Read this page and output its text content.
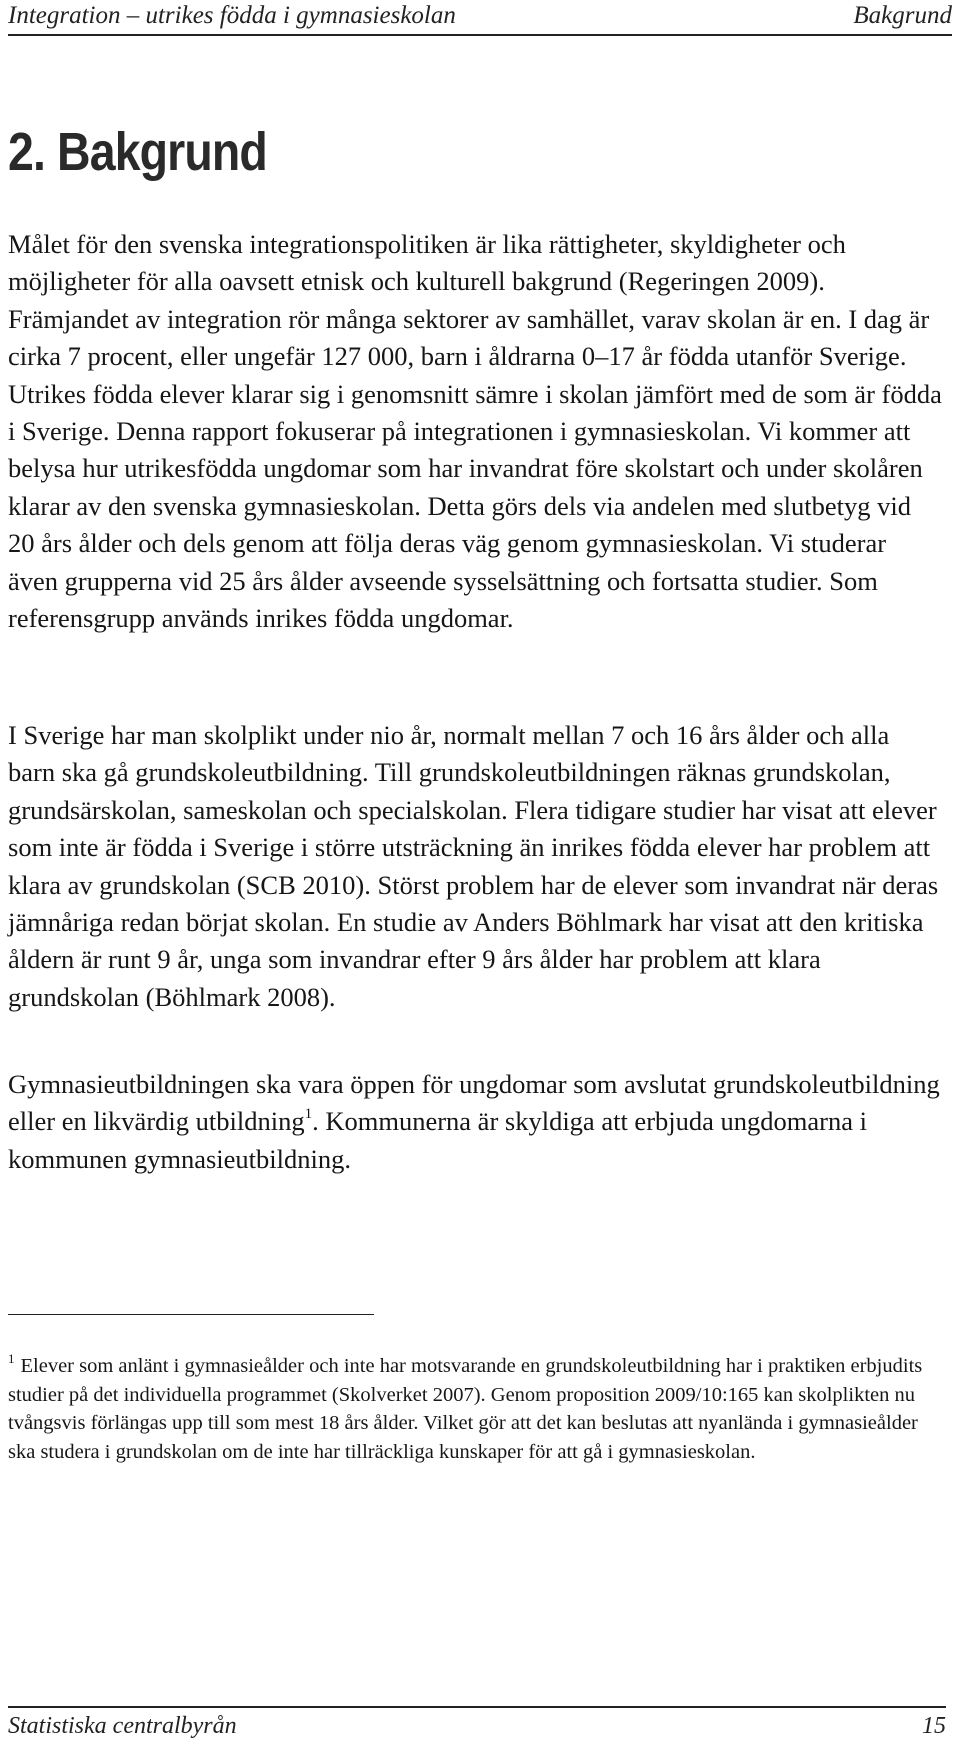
Integration – utrikes födda i gymnasieskolan	Bakgrund
2. Bakgrund

Målet för den svenska integrationspolitiken är lika rättigheter, skyldigheter och möjligheter för alla oavsett etnisk och kulturell bakgrund (Regeringen 2009). Främjandet av integration rör många sektorer av samhället, varav skolan är en. I dag är cirka 7 procent, eller ungefär 127 000, barn i åldrarna 0–17 år födda utanför Sverige. Utrikes födda elever klarar sig i genomsnitt sämre i skolan jämfört med de som är födda i Sverige. Denna rapport fokuserar på integrationen i gymnasieskolan. Vi kommer att belysa hur utrikesfödda ungdomar som har invandrat före skolstart och under skolåren klarar av den svenska gymnasieskolan. Detta görs dels via andelen med slutbetyg vid 20 års ålder och dels genom att följa deras väg genom gymnasieskolan. Vi studerar även grupperna vid 25 års ålder avseende sysselsättning och fortsatta studier. Som referensgrupp används inrikes födda ungdomar.

I Sverige har man skolplikt under nio år, normalt mellan 7 och 16 års ålder och alla barn ska gå grundskoleutbildning. Till grundskoleutbildningen räknas grundskolan, grundsärskolan, sameskolan och specialskolan. Flera tidigare studier har visat att elever som inte är födda i Sverige i större utsträckning än inrikes födda elever har problem att klara av grundskolan (SCB 2010). Störst problem har de elever som invandrat när deras jämnåriga redan börjat skolan. En studie av Anders Böhlmark har visat att den kritiska åldern är runt 9 år, unga som invandrar efter 9 års ålder har problem att klara grundskolan (Böhlmark 2008).

Gymnasieutbildningen ska vara öppen för ungdomar som avslutat grundskoleutbildning eller en likvärdig utbildning$^1$. Kommunerna är skyldiga att erbjuda ungdomarna i kommunen gymnasieutbildning.

$^1$ Elever som anlänt i gymnasieålder och inte har motsvarande en grundskoleutbildning har i praktiken erbjudits studier på det individuella programmet (Skolverket 2007). Genom proposition 2009/10:165 kan skolplikten nu tvångsvis förlängas upp till som mest 18 års ålder. Vilket gör att det kan beslutas att nyanlända i gymnasieålder ska studera i grundskolan om de inte har tillräckliga kunskaper för att gå i gymnasieskolan.
Statistiska centralbyrån	15
